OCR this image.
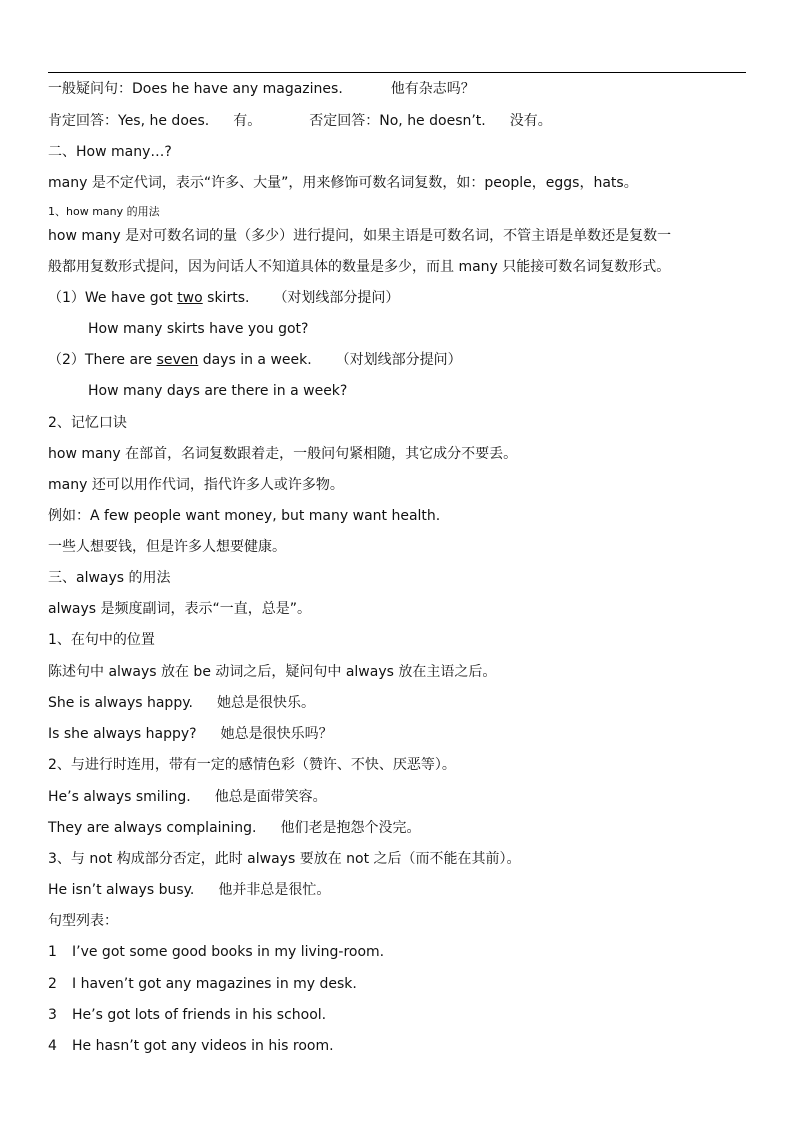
一般疑问句：Does he have any magazines.	他有杂志吗？
肯定回答：Yes, he does. 有。	否定回答：No, he doesn’t. 没有。
二、How many…?
many 是不定代词，表示“许多、大量”，用来修饰可数名词复数，如：people，eggs，hats。
1、how many 的用法
how many 是对可数名词的量（多少）进行提问，如果主语是可数名词，不管主语是单数还是复数一
般都用复数形式提问，因为问话人不知道具体的数量是多少，而且 many 只能接可数名词复数形式。
（1）We have got two skirts. （对划线部分提问）
How many skirts have you got?
（2）There are seven days in a week. （对划线部分提问）
How many days are there in a week?
2、记忆口诀
how many 在部首，名词复数跟着走，一般问句紧相随，其它成分不要丢。
many 还可以用作代词，指代许多人或许多物。
例如：A few people want money, but many want health.
一些人想要钱，但是许多人想要健康。
三、always 的用法
always 是频度副词，表示“一直，总是”。
1、在句中的位置
陈述句中 always 放在 be 动词之后，疑问句中 always 放在主语之后。
She is always happy. 她总是很快乐。
Is she always happy? 她总是很快乐吗？
2、与进行时连用，带有一定的感情色彩（赞许、不快、厌恶等）。
He’s always smiling. 他总是面带笑容。
They are always complaining. 他们老是抱怨个没完。
3、与 not 构成部分否定，此时 always 要放在 not 之后（而不能在其前）。
He isn’t always busy. 他并非总是很忙。
句型列表：
1 I’ve got some good books in my living-room.
2 I haven’t got any magazines in my desk.
3 He’s got lots of friends in his school.
4 He hasn’t got any videos in his room.
